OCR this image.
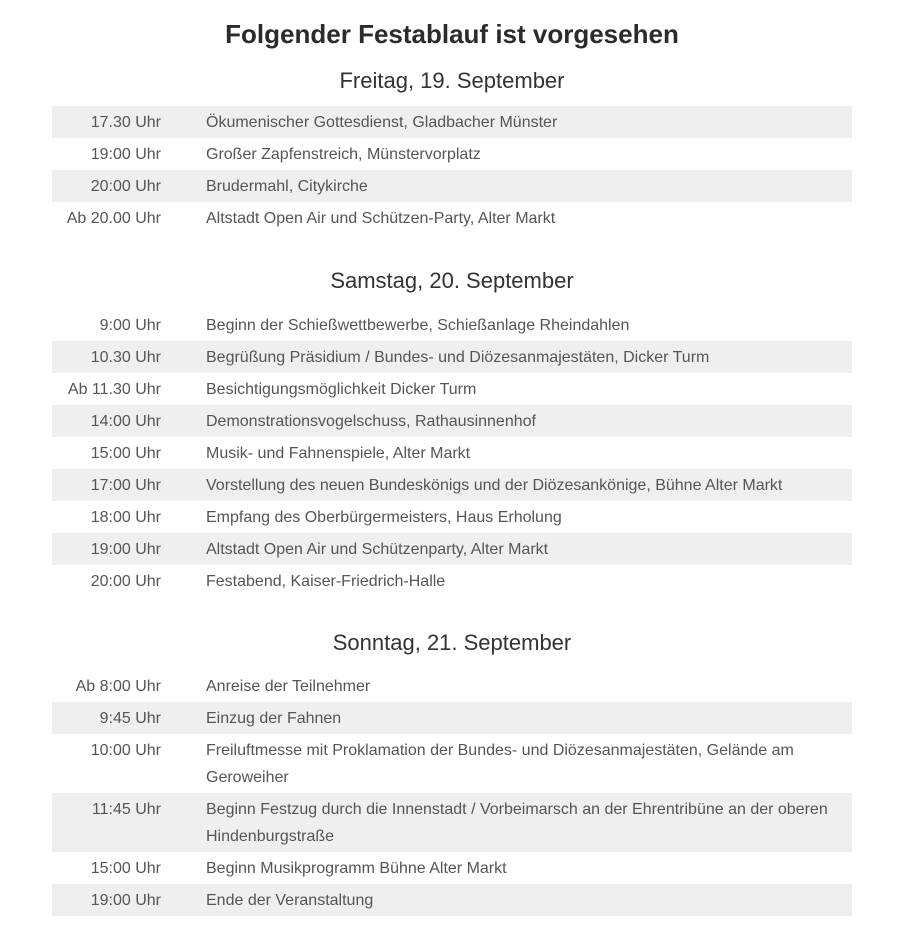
Folgender Festablauf ist vorgesehen
Freitag, 19. September
17.30 Uhr		Ökumenischer Gottesdienst, Gladbacher Münster

19:00 Uhr		Großer Zapfenstreich, Münstervorplatz

20:00 Uhr		Brudermahl, Citykirche

Ab 20.00 Uhr		Altstadt Open Air und Schützen-Party, Alter Markt
Samstag, 20. September
9:00 Uhr		Beginn der Schießwettbewerbe, Schießanlage Rheindahlen

10.30 Uhr		Begrüßung Präsidium / Bundes- und Diözesanmajestäten, Dicker Turm

Ab 11.30 Uhr		Besichtigungsmöglichkeit Dicker Turm

14:00 Uhr		Demonstrationsvogelschuss, Rathausinnenhof

15:00 Uhr		Musik- und Fahnenspiele, Alter Markt

17:00 Uhr		Vorstellung des neuen Bundeskönigs und der Diözesankönige, Bühne Alter Markt

18:00 Uhr		Empfang des Oberbürgermeisters, Haus Erholung

19:00 Uhr		Altstadt Open Air und Schützenparty, Alter Markt

20:00 Uhr		Festabend, Kaiser-Friedrich-Halle
Sonntag, 21. September
Ab 8:00 Uhr		Anreise der Teilnehmer

9:45 Uhr		Einzug der Fahnen

10:00 Uhr		Freiluftmesse mit Proklamation der Bundes- und Diözesanmajestäten, Gelände am Geroweiher

11:45 Uhr		Beginn Festzug durch die Innenstadt / Vorbeimarsch an der Ehrentribüne an der oberen Hindenburgstraße

15:00 Uhr		Beginn Musikprogramm Bühne Alter Markt

19:00 Uhr		Ende der Veranstaltung
